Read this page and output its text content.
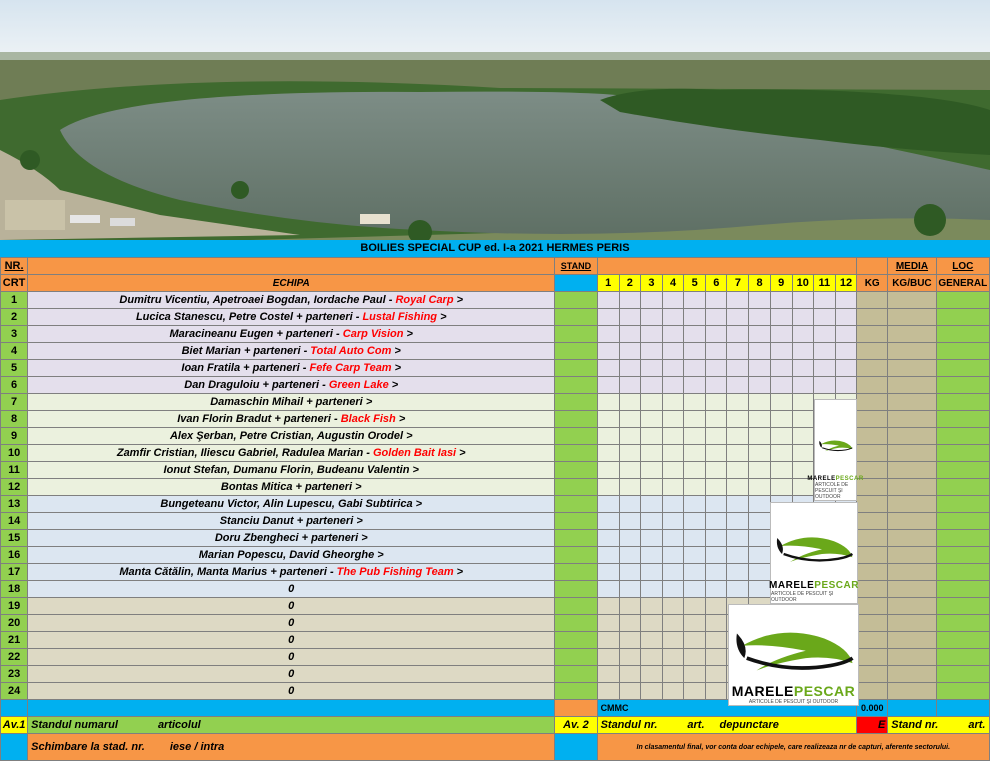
BOILIES SPECIAL CUP ed. I-a 2021 HERMES PERIS
NR.		STAND														MEDIA	LOC
CRT	ECHIPA		1	2	3	4	5	6	7	8	9	10	11	12	KG	KG/BUC	GENERAL
1	Dumitru Vicentiu, Apetroaei Bogdan, Iordache Paul - Royal Carp >																
2	Lucica Stanescu, Petre Costel + parteneri - Lustal Fishing >																
3	Maracineanu Eugen + parteneri - Carp Vision >																
4	Biet Marian + parteneri - Total Auto Com >																
5	Ioan Fratila + parteneri - Fefe Carp Team >																
6	Dan Draguloiu + parteneri - Green Lake >																
7	Damaschin Mihail + parteneri >																
8	Ivan Florin Bradut + parteneri - Black Fish >																
9	Alex Şerban, Petre Cristian, Augustin Orodel >																
10	Zamfir Cristian, Iliescu Gabriel, Radulea Marian - Golden Bait Iasi >																
11	Ionut Stefan, Dumanu Florin, Budeanu Valentin >																
12	Bontas Mitica + parteneri >																
13	Bungeteanu Victor, Alin Lupescu, Gabi Subtirica >																
14	Stanciu Danut + parteneri >																
15	Doru Zbengheci + parteneri >																
16	Marian Popescu, David Gheorghe >																
17	Manta Cătălin, Manta Marius + parteneri - The Pub Fishing Team >																
18	0																
19	0																
20	0																
21	0																
22	0																
23	0																
24	0																
			CMMC												0.000		
Av.1	Standul numarul articolul	Av. 2	Standul nr. art. depunctare												E	Stand nr. art.	
	Schimbare la stad. nr. iese / intra		In clasamentul final, vor conta doar echipele, care realizeaza nr de capturi, aferente sectorului.														
MARELEPESCAR
ARTICOLE DE PESCUIT ŞI OUTDOOR
MARELEPESCAR
ARTICOLE DE PESCUIT ŞI OUTDOOR
MARELEPESCAR
ARTICOLE DE PESCUIT ŞI OUTDOOR
